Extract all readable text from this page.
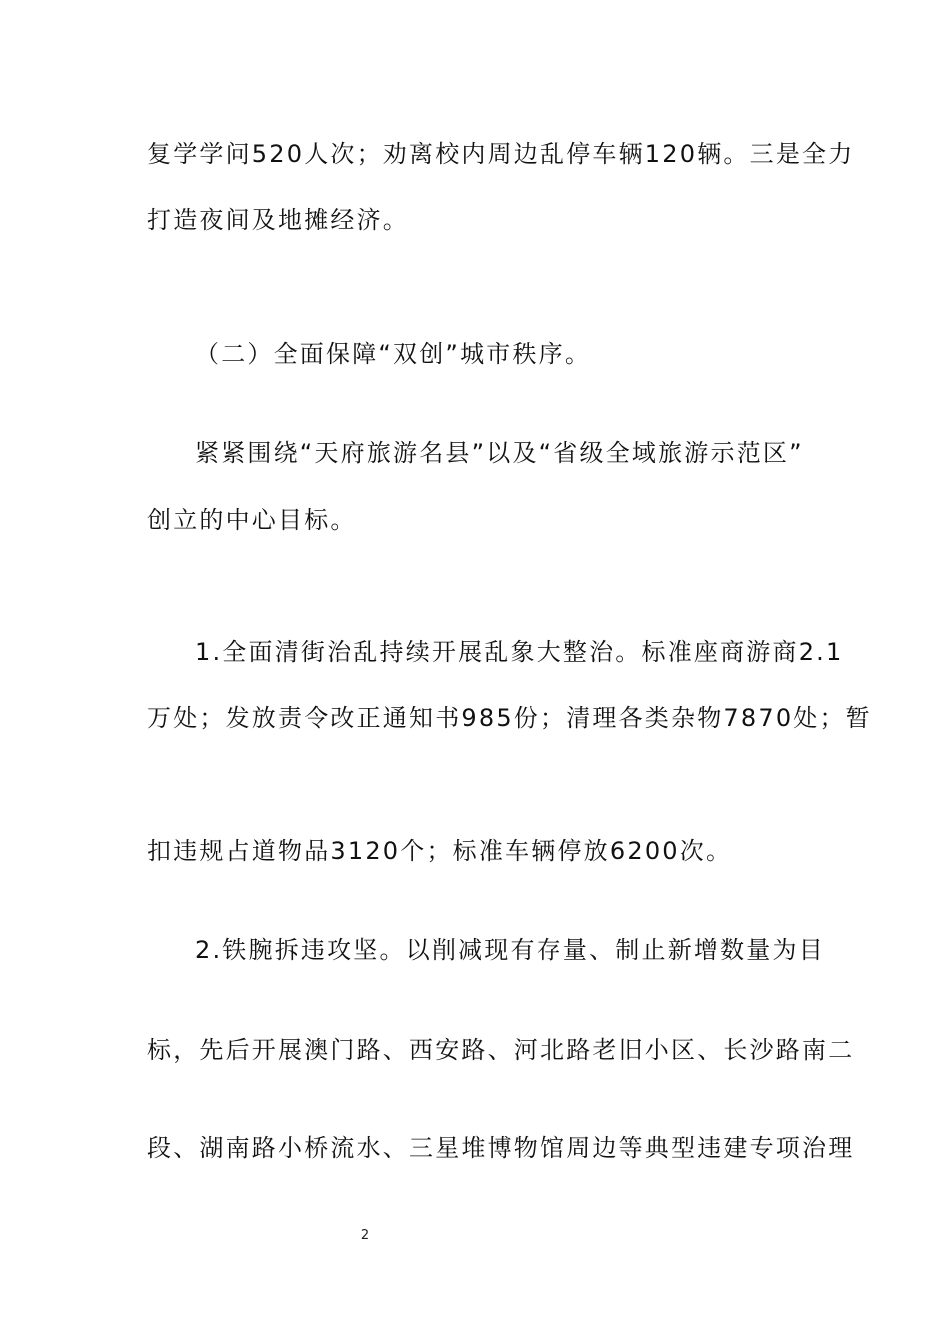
复学学问520人次；劝离校内周边乱停车辆120辆。三是全力
打造夜间及地摊经济。
（二）全面保障“双创”城市秩序。
紧紧围绕“天府旅游名县”以及“省级全域旅游示范区”
创立的中心目标。
1.全面清街治乱持续开展乱象大整治。标准座商游商2.1
万处；发放责令改正通知书985份；清理各类杂物7870处；暂
扣违规占道物品3120个；标准车辆停放6200次。
2.铁腕拆违攻坚。以削减现有存量、制止新增数量为目
标，先后开展澳门路、西安路、河北路老旧小区、长沙路南二
段、湖南路小桥流水、三星堆博物馆周边等典型违建专项治理
2
